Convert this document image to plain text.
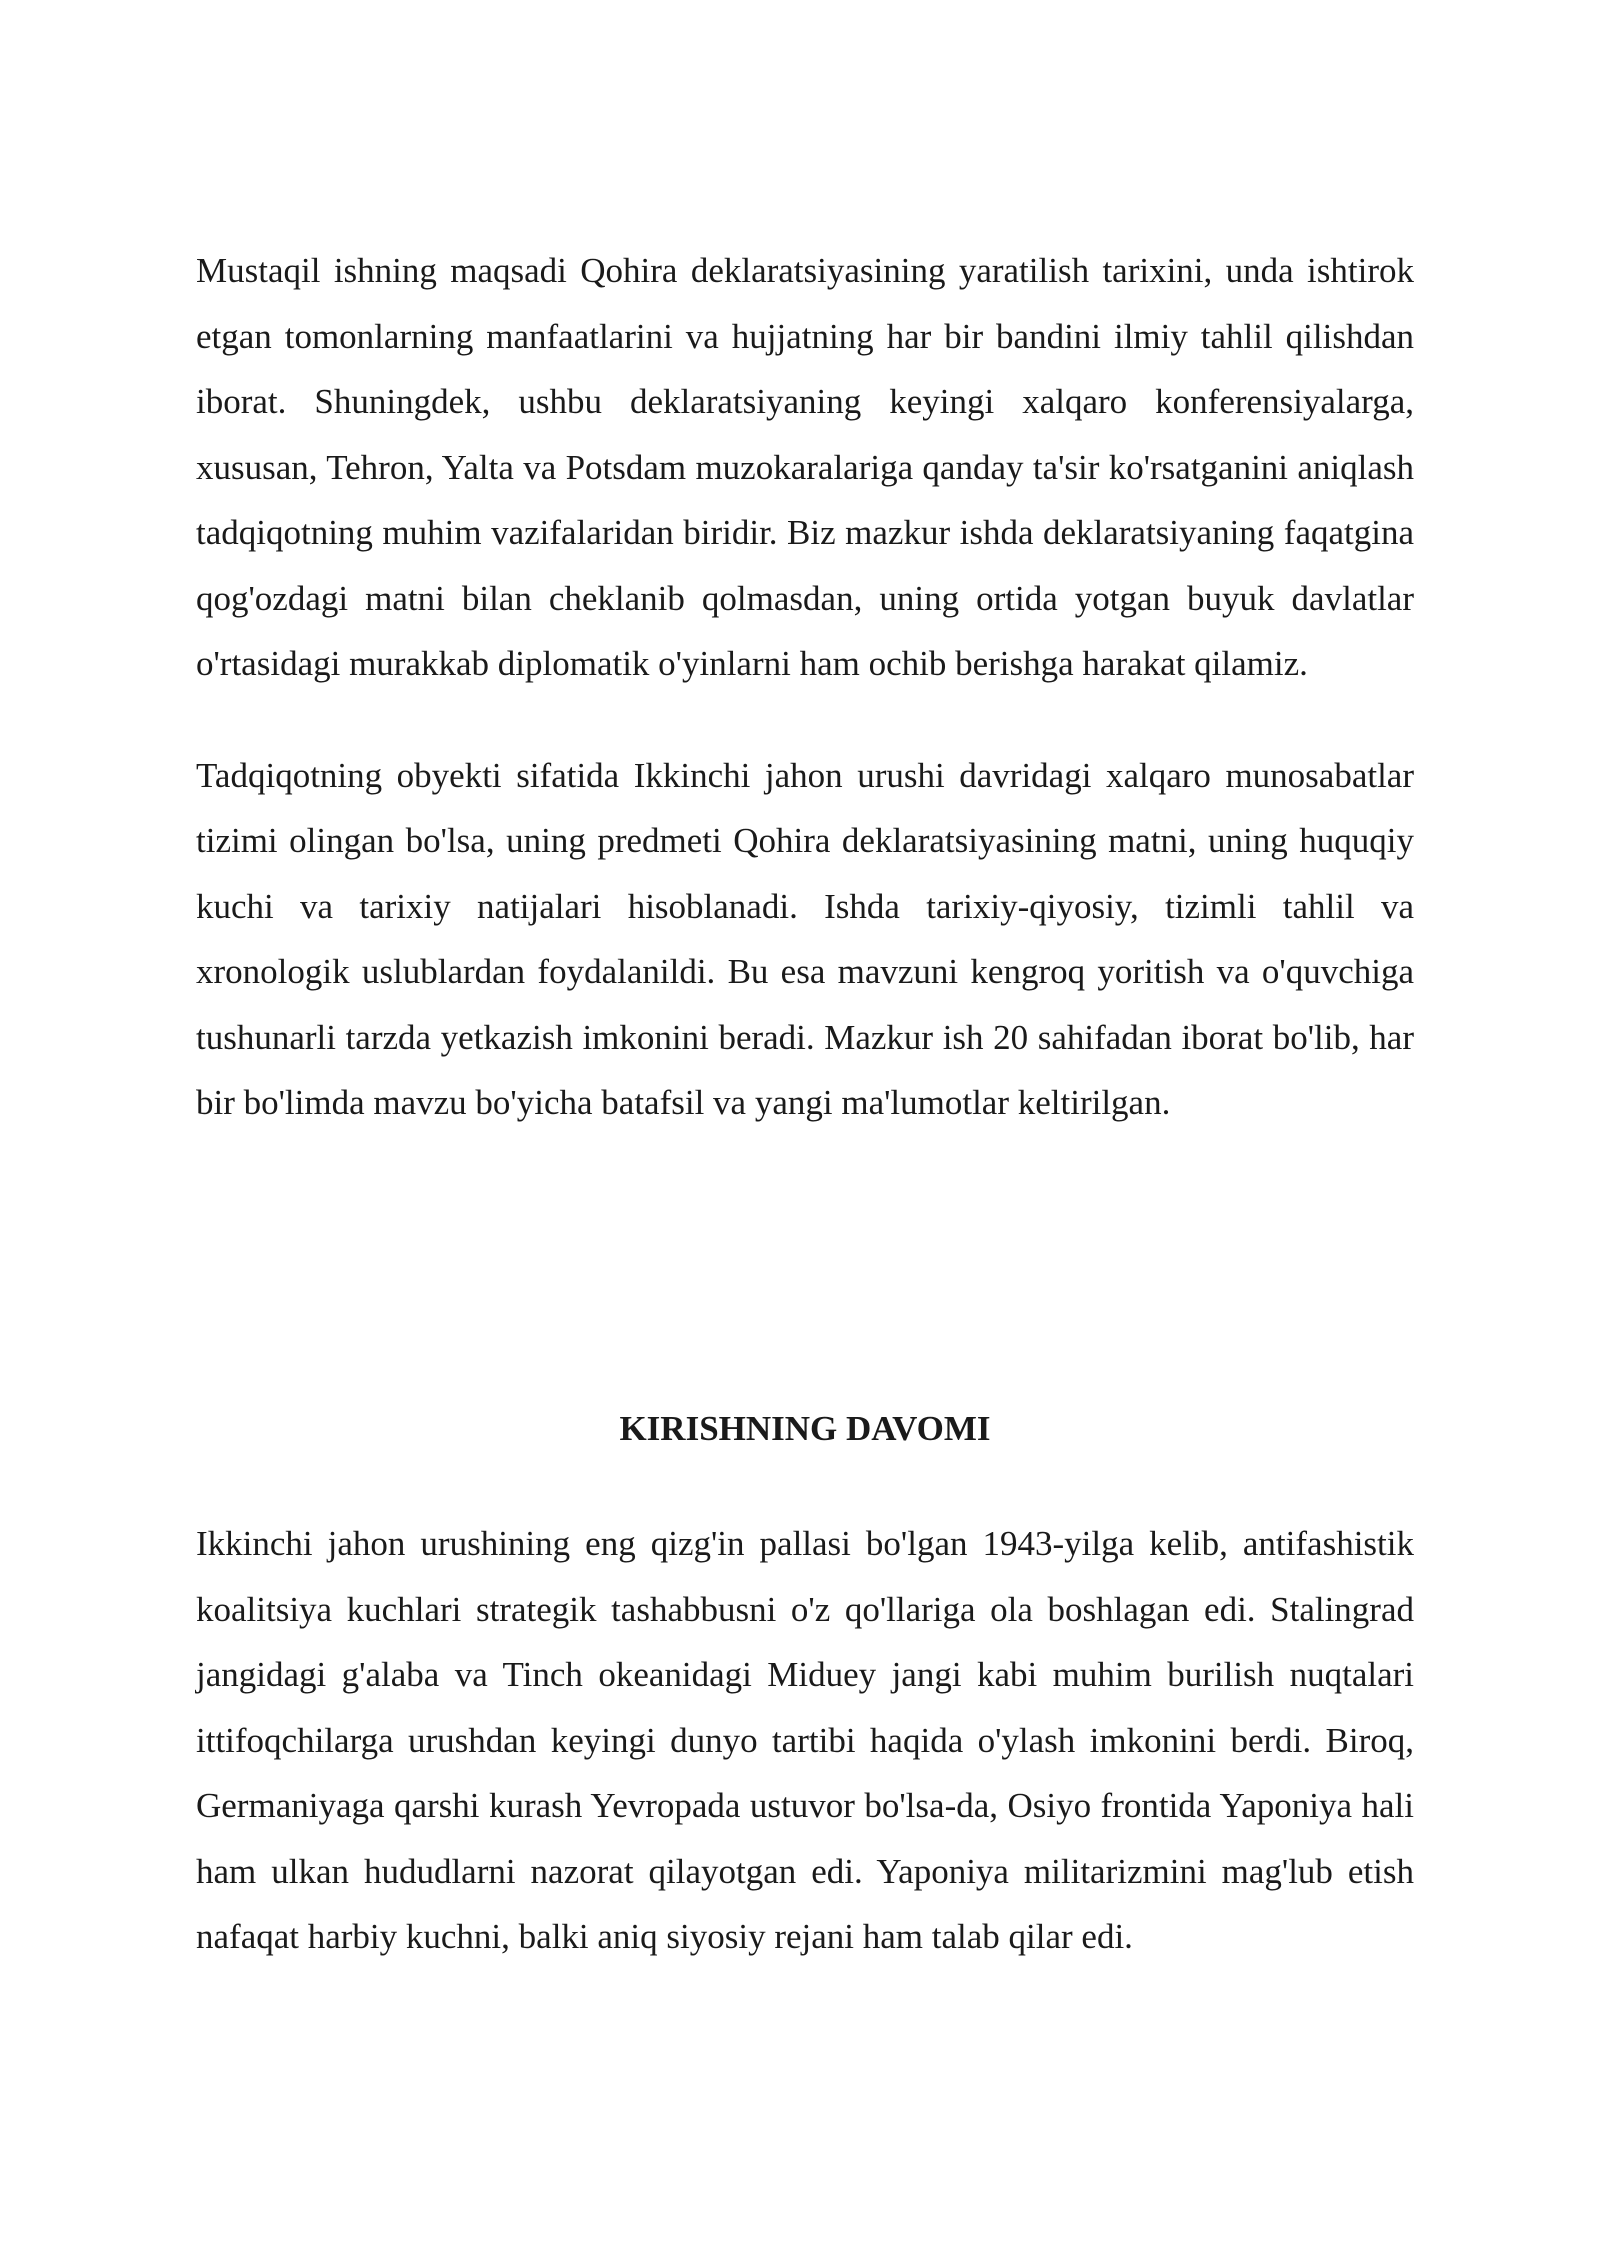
Mustaqil ishning maqsadi Qohira deklaratsiyasining yaratilish tarixini, unda ishtirok etgan tomonlarning manfaatlarini va hujjatning har bir bandini ilmiy tahlil qilishdan iborat. Shuningdek, ushbu deklaratsiyaning keyingi xalqaro konferensiyalarga, xususan, Tehron, Yalta va Potsdam muzokaralariga qanday ta'sir ko'rsatganini aniqlash tadqiqotning muhim vazifalaridan biridir. Biz mazkur ishda deklaratsiyaning faqatgina qog'ozdagi matni bilan cheklanib qolmasdan, uning ortida yotgan buyuk davlatlar o'rtasidagi murakkab diplomatik o'yinlarni ham ochib berishga harakat qilamiz.

Tadqiqotning obyekti sifatida Ikkinchi jahon urushi davridagi xalqaro munosabatlar tizimi olingan bo'lsa, uning predmeti Qohira deklaratsiyasining matni, uning huquqiy kuchi va tarixiy natijalari hisoblanadi. Ishda tarixiy-qiyosiy, tizimli tahlil va xronologik uslublardan foydalanildi. Bu esa mavzuni kengroq yoritish va o'quvchiga tushunarli tarzda yetkazish imkonini beradi. Mazkur ish 20 sahifadan iborat bo'lib, har bir bo'limda mavzu bo'yicha batafsil va yangi ma'lumotlar keltirilgan.

KIRISHNING DAVOMI

Ikkinchi jahon urushining eng qizg'in pallasi bo'lgan 1943-yilga kelib, antifashistik koalitsiya kuchlari strategik tashabbusni o'z qo'llariga ola boshlagan edi. Stalingrad jangidagi g'alaba va Tinch okeanidagi Miduey jangi kabi muhim burilish nuqtalari ittifoqchilarga urushdan keyingi dunyo tartibi haqida o'ylash imkonini berdi. Biroq, Germaniyaga qarshi kurash Yevropada ustuvor bo'lsa-da, Osiyo frontida Yaponiya hali ham ulkan hududlarni nazorat qilayotgan edi. Yaponiya militarizmini mag'lub etish nafaqat harbiy kuchni, balki aniq siyosiy rejani ham talab qilar edi.
